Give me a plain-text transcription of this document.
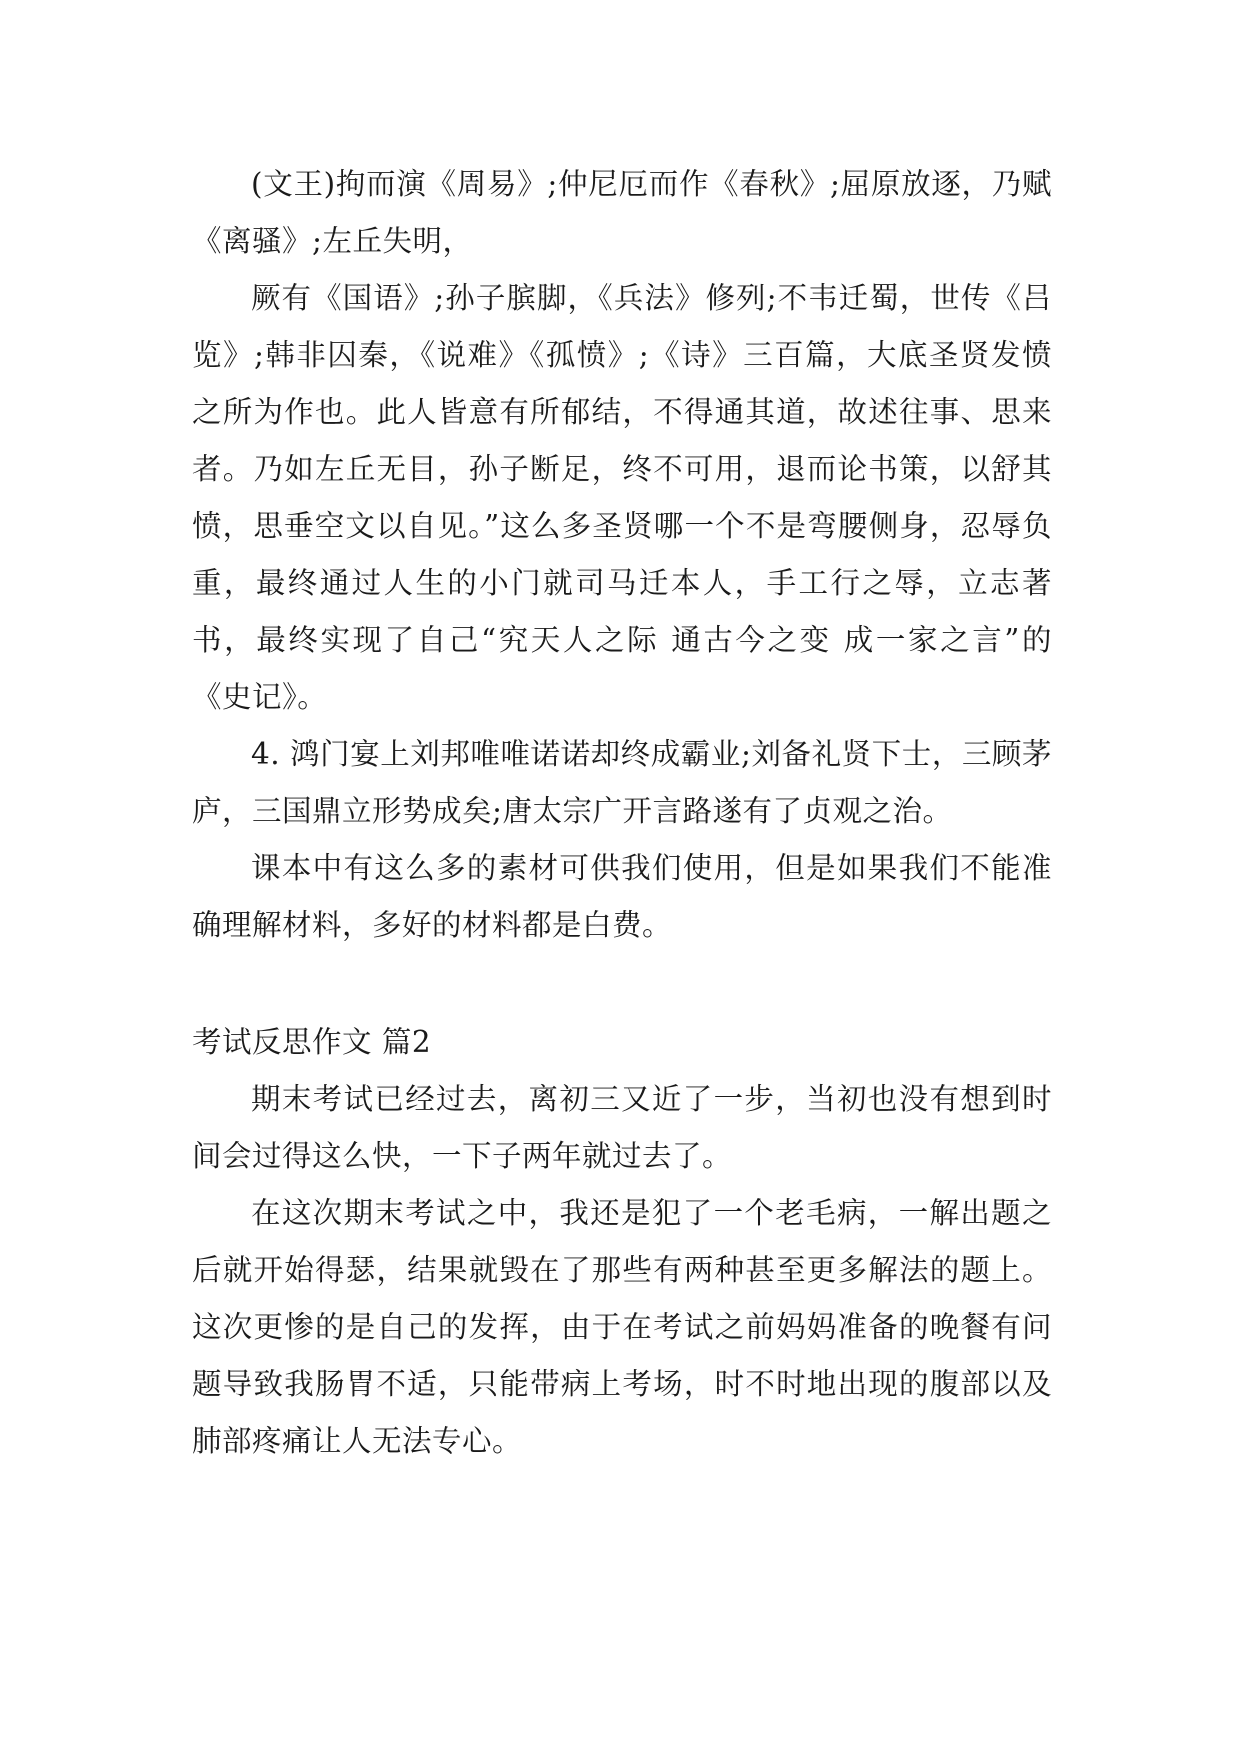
(文王)拘而演《周易》;仲尼厄而作《春秋》;屈原放逐，乃赋《离骚》;左丘失明，

厥有《国语》;孙子膑脚，《兵法》修列;不韦迁蜀，世传《吕览》;韩非囚秦，《说难》《孤愤》;《诗》三百篇，大底圣贤发愤之所为作也。此人皆意有所郁结，不得通其道，故述往事、思来者。乃如左丘无目，孙子断足，终不可用，退而论书策，以舒其愤，思垂空文以自见。”这么多圣贤哪一个不是弯腰侧身，忍辱负重，最终通过人生的小门就司马迁本人，手工行之辱，立志著书，最终实现了自己“究天人之际 通古今之变 成一家之言”的《史记》。

4. 鸿门宴上刘邦唯唯诺诺却终成霸业;刘备礼贤下士，三顾茅庐，三国鼎立形势成矣;唐太宗广开言路遂有了贞观之治。

课本中有这么多的素材可供我们使用，但是如果我们不能准确理解材料，多好的材料都是白费。

考试反思作文 篇2

期末考试已经过去，离初三又近了一步，当初也没有想到时间会过得这么快，一下子两年就过去了。

在这次期末考试之中，我还是犯了一个老毛病，一解出题之后就开始得瑟，结果就毁在了那些有两种甚至更多解法的题上。这次更惨的是自己的发挥，由于在考试之前妈妈准备的晚餐有问题导致我肠胃不适，只能带病上考场，时不时地出现的腹部以及肺部疼痛让人无法专心。
